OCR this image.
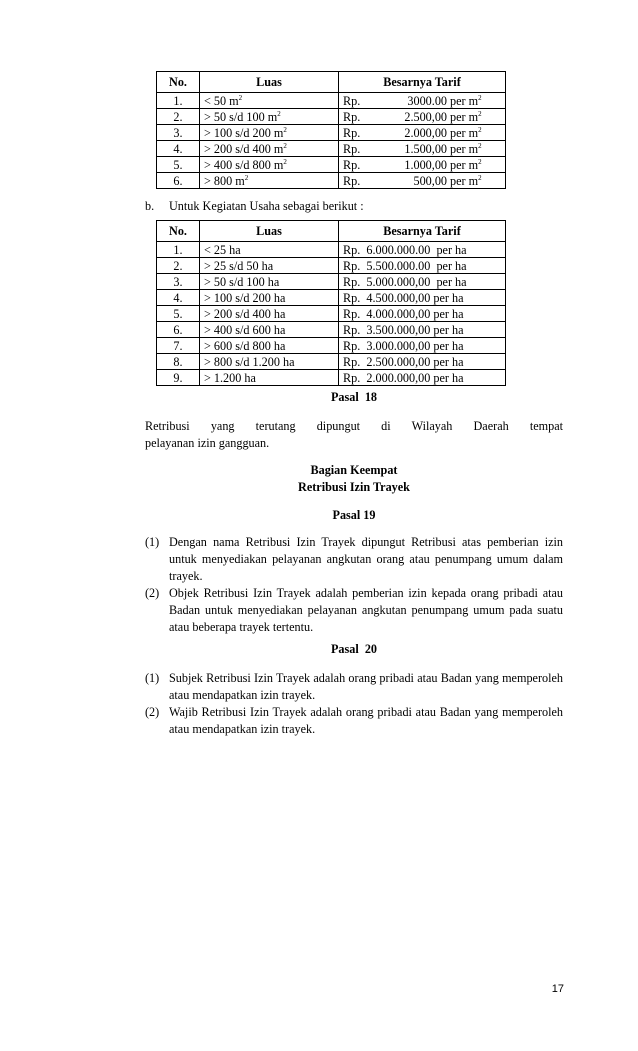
No.	Luas	Besarnya Tarif
1.	< 50 $m^2$	Rp. 3000.00 per $m^2$
2.	> 50 s/d 100 $m^2$	Rp. 2.500,00 per $m^2$
3.	> 100 s/d 200 $m^2$	Rp. 2.000,00 per $m^2$
4.	> 200 s/d 400 $m^2$	Rp. 1.500,00 per $m^2$
5.	> 400 s/d 800 $m^2$	Rp. 1.000,00 per $m^2$
6.	> 800 $m^2$	Rp. 500,00 per $m^2$
b. Untuk Kegiatan Usaha sebagai berikut :
No.	Luas	Besarnya Tarif
1.	< 25 ha	Rp.  6.000.000.00  per ha
2.	> 25 s/d 50 ha	Rp.  5.500.000.00  per ha
3.	> 50 s/d 100 ha	Rp.  5.000.000,00  per ha
4.	> 100 s/d 200 ha	Rp.  4.500.000,00 per ha
5.	> 200 s/d 400 ha	Rp.  4.000.000,00 per ha
6.	> 400 s/d 600 ha	Rp.  3.500.000,00 per ha
7.	> 600 s/d 800 ha	Rp.  3.000.000,00 per ha
8.	> 800 s/d 1.200 ha	Rp.  2.500.000,00 per ha
9.	> 1.200 ha	Rp.  2.000.000,00 per ha
Pasal  18
Retribusi yang terutang dipungut di Wilayah Daerah tempat
pelayanan izin gangguan.
Bagian Keempat
Retribusi Izin Trayek
Pasal 19
(1) Dengan nama Retribusi Izin Trayek dipungut Retribusi atas pemberian izin untuk menyediakan pelayanan angkutan orang atau penumpang umum dalam trayek.
(2) Objek Retribusi Izin Trayek adalah pemberian izin kepada orang pribadi atau Badan untuk menyediakan pelayanan angkutan penumpang umum pada suatu atau beberapa trayek tertentu.
Pasal  20
(1) Subjek Retribusi Izin Trayek adalah orang pribadi atau Badan yang memperoleh atau mendapatkan izin trayek.
(2) Wajib Retribusi Izin Trayek adalah orang pribadi atau Badan yang memperoleh atau mendapatkan izin trayek.
17
